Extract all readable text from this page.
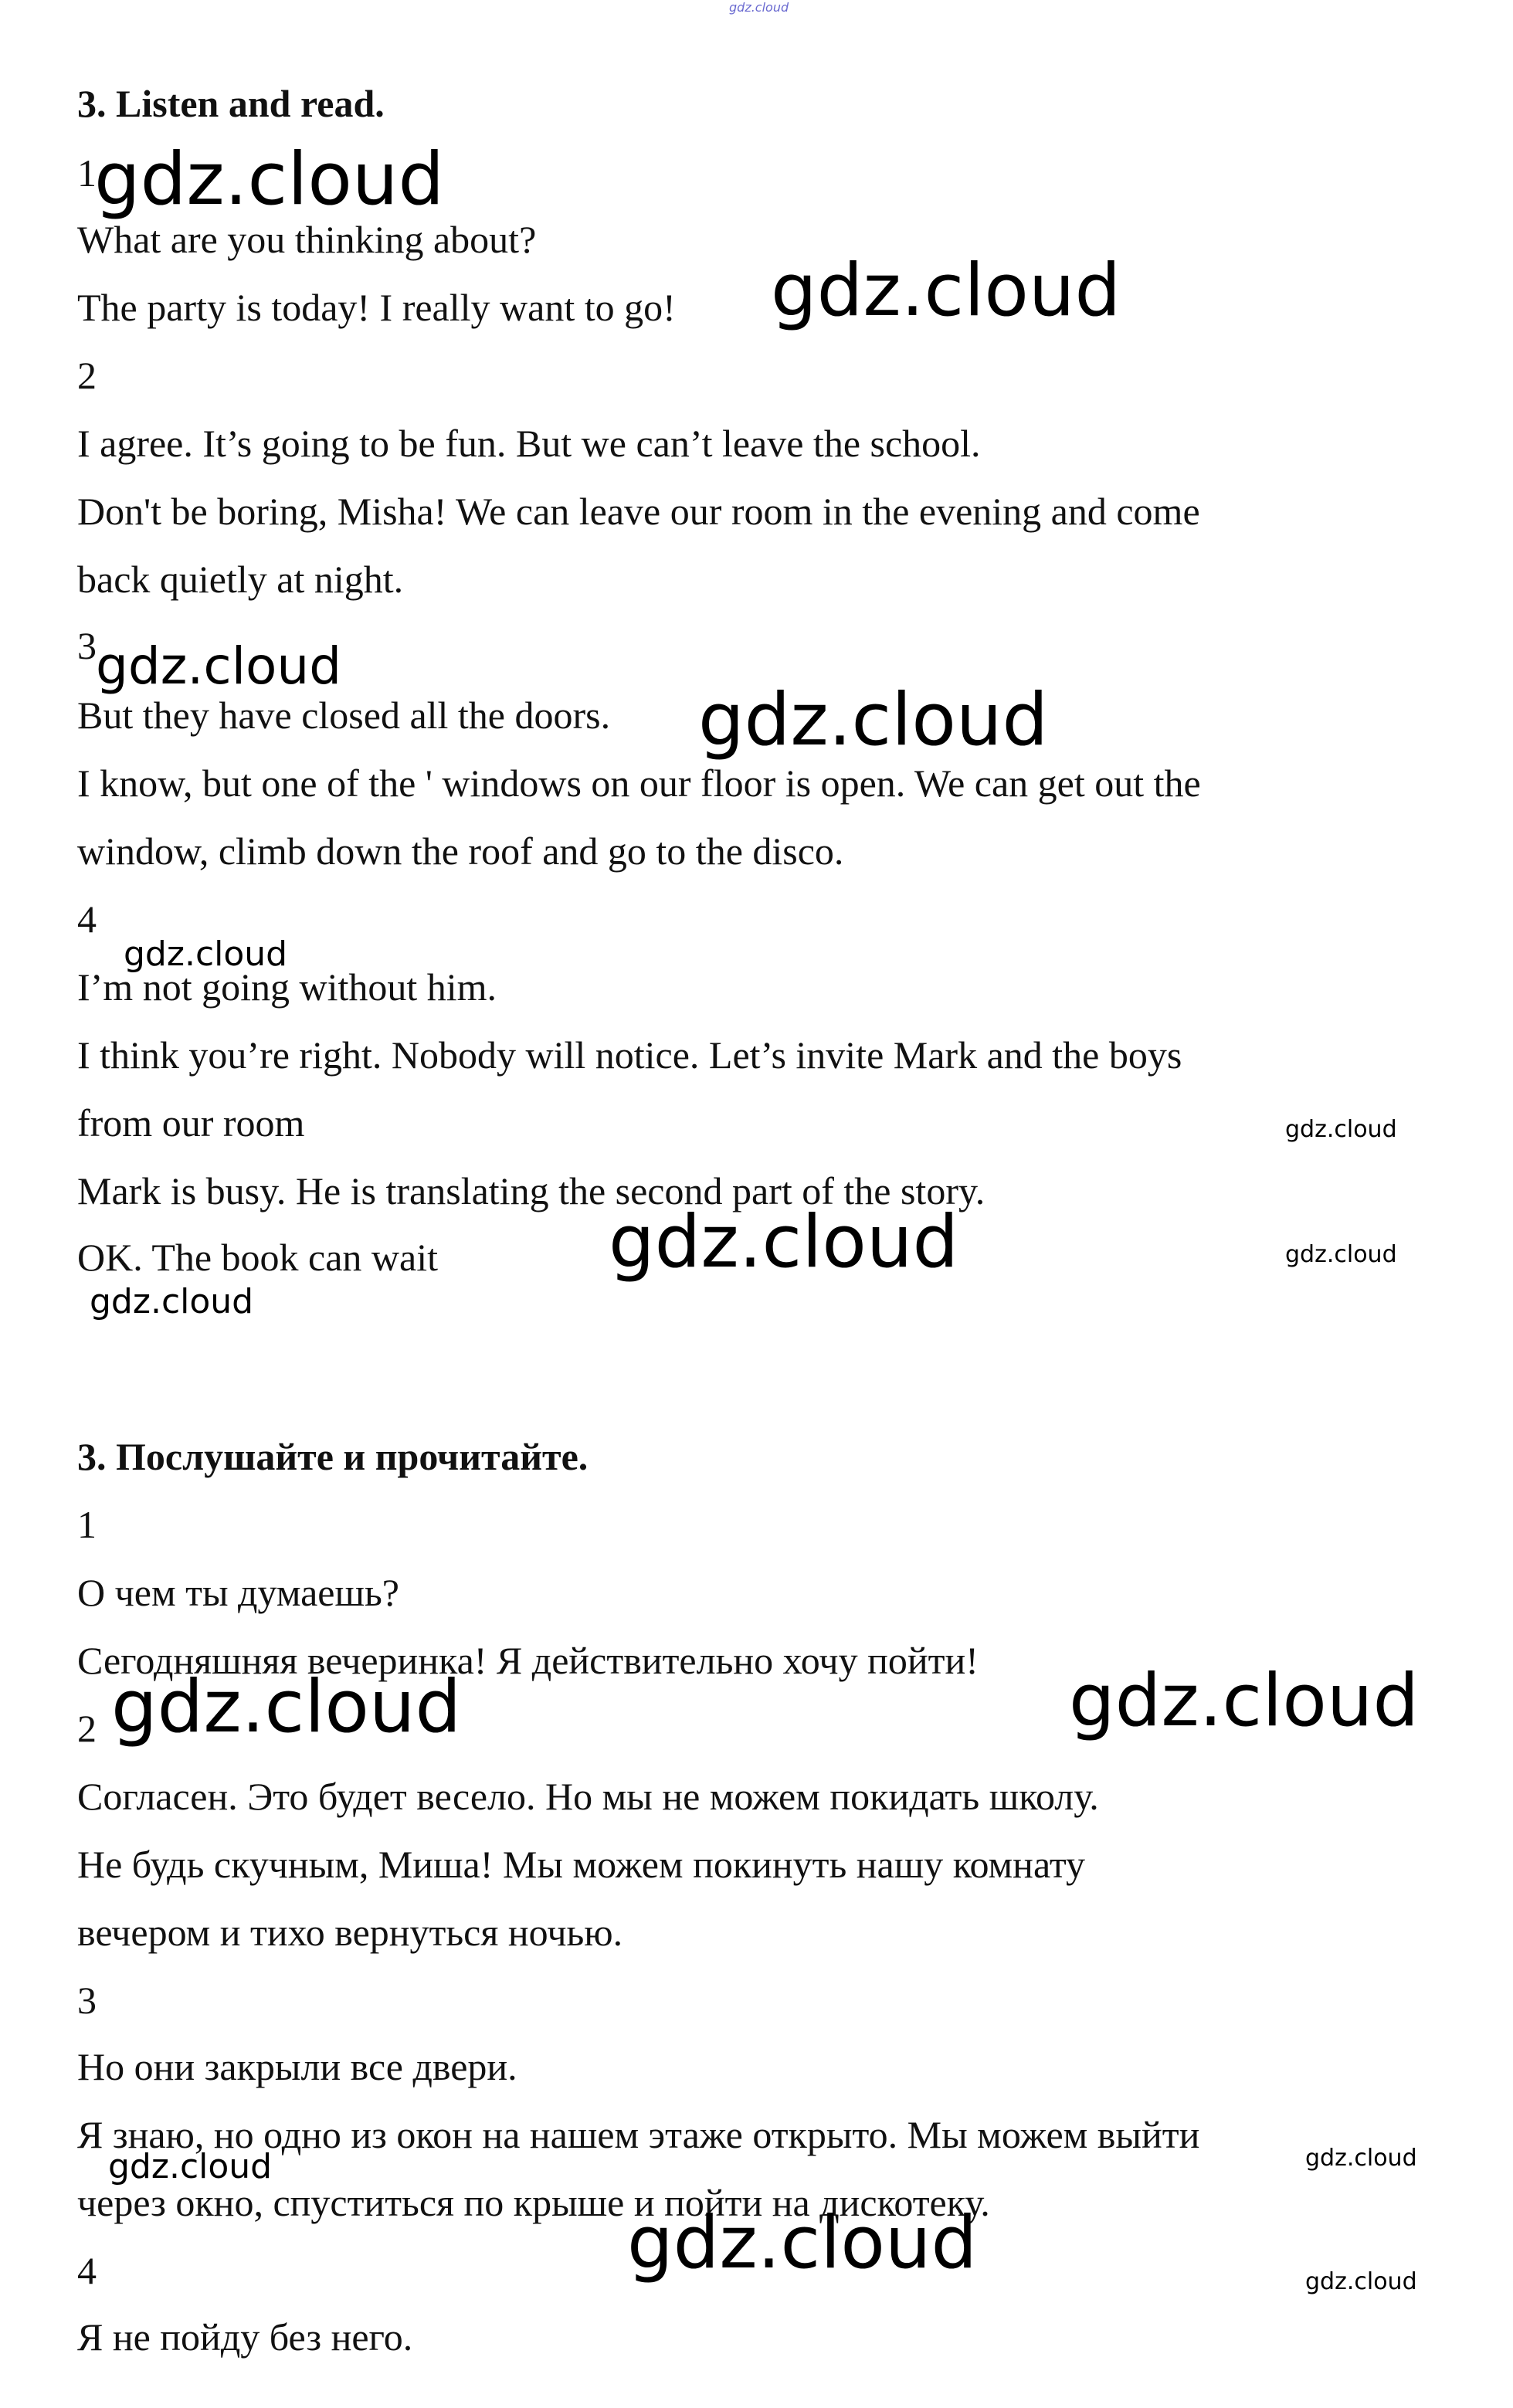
gdz.cloud
3. Listen and read.
1
What are you thinking about?
The party is today! I really want to go!
2
I agree. It’s going to be fun. But we can’t leave the school.
Don't be boring, Misha! We can leave our room in the evening and come
back quietly at night.
3
But they have closed all the doors.
I know, but one of the ' windows on our floor is open. We can get out the
window, climb down the roof and go to the disco.
4
I’m not going without him.
I think you’re right. Nobody will notice. Let’s invite Mark and the boys
from our room
Mark is busy. He is translating the second part of the story.
OK. The book can wait
3. Послушайте и прочитайте.
1
О чем ты думаешь?
Сегодняшняя вечеринка! Я действительно хочу пойти!
2
Согласен. Это будет весело. Но мы не можем покидать школу.
Не будь скучным, Миша! Мы можем покинуть нашу комнату
вечером и тихо вернуться ночью.
3
Но они закрыли все двери.
Я знаю, но одно из окон на нашем этаже открыто. Мы можем выйти
через окно, спуститься по крыше и пойти на дискотеку.
4
Я не пойду без него.
gdz.cloud
gdz.cloud
gdz.cloud
gdz.cloud
gdz.cloud
gdz.cloud
gdz.cloud	gdz.cloud
gdz.cloud
gdz.cloud	gdz.cloud
gdz.cloud	gdz.cloud
gdz.cloud	gdz.cloud
